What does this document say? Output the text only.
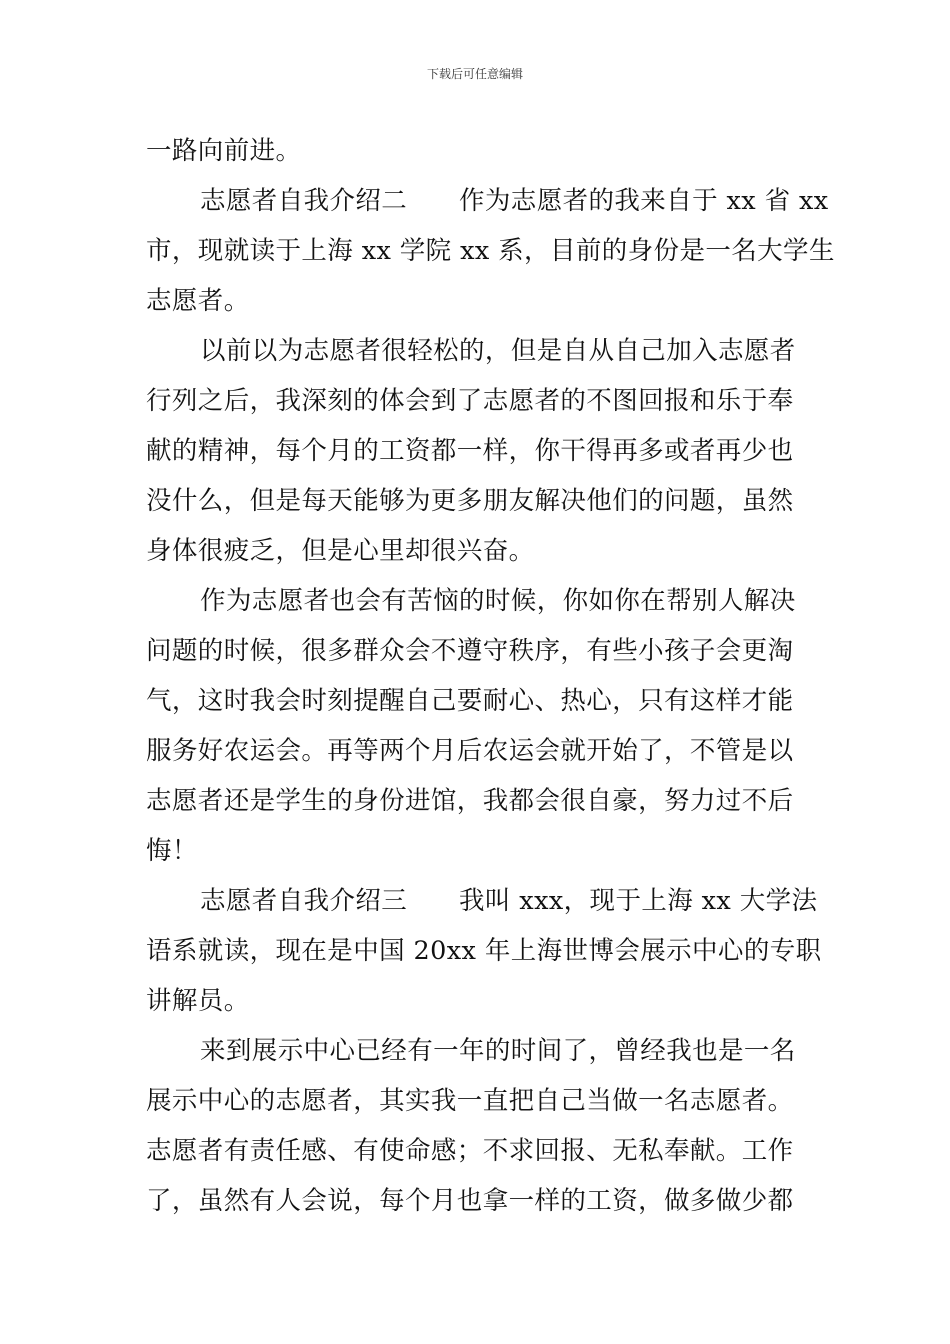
下载后可任意编辑
一路向前进。
志愿者自我介绍二　　作为志愿者的我来自于 xx 省 xx
市，现就读于上海 xx 学院 xx 系，目前的身份是一名大学生
志愿者。
以前以为志愿者很轻松的，但是自从自己加入志愿者
行列之后，我深刻的体会到了志愿者的不图回报和乐于奉
献的精神，每个月的工资都一样，你干得再多或者再少也
没什么，但是每天能够为更多朋友解决他们的问题，虽然
身体很疲乏，但是心里却很兴奋。
作为志愿者也会有苦恼的时候，你如你在帮别人解决
问题的时候，很多群众会不遵守秩序，有些小孩子会更淘
气，这时我会时刻提醒自己要耐心、热心，只有这样才能
服务好农运会。再等两个月后农运会就开始了，不管是以
志愿者还是学生的身份进馆，我都会很自豪，努力过不后
悔！
志愿者自我介绍三　　我叫 xxx，现于上海 xx 大学法
语系就读，现在是中国 20xx 年上海世博会展示中心的专职
讲解员。
来到展示中心已经有一年的时间了，曾经我也是一名
展示中心的志愿者，其实我一直把自己当做一名志愿者。
志愿者有责任感、有使命感；不求回报、无私奉献。工作
了，虽然有人会说，每个月也拿一样的工资，做多做少都
